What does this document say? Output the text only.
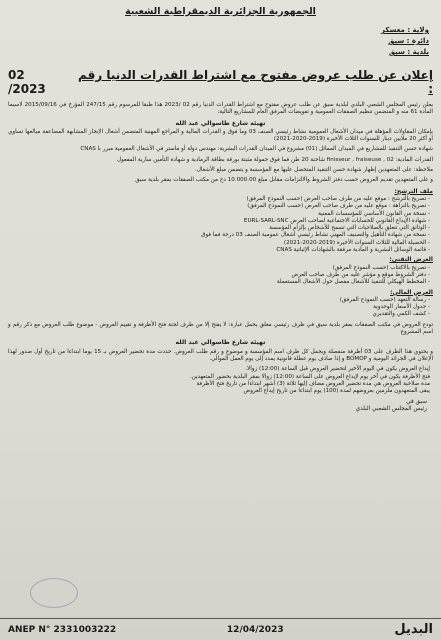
الجمهورية الجزائرية الديمقراطية الشعبية
ولاية : معسكر
دائرة : سيق
بلدية : سيق
إعلان عن طلب عروض مفتوح مع اشتراط القدرات الدنيا رقم :
02 /2023

يعلن رئيس المجلس الشعبي البلدي لبلدية سيق عن طلب عروض مفتوح مع اشتراط القدرات الدنيا رقم 02 /2023 هذا طبقا للمرسوم رقم 247/15 المؤرخ في 2015/09/16 لاسيما المادة 61 منه و المتضمن تنظيم الصفقات العمومية و تفويضات المرفق العام للمشاريع التالية:

تهيئة شارع طاسوالي عبد الله

بإمكان المقاولات المؤهلة في ميدان الأشغال العمومية نشاط رئيسي الصنف 03 وما فوق و القدرات المالية و المراجع المهنية المتضمن أشغال الإنجاز المشابهة المضاعفة مبالغها تساوي أو أكثر 20 ملايين دينار للسنوات الثلاث الأخيرة (2019-2020-2021)

شهادة حسن التنفيذ للمشاريع في الميدان المماثل (01) مشروع في الميدان القدرات البشرية: مهندس دولة أو ماستر في الأشغال العمومية مبرر با CNAS

القدرات المادية: finisseur , fraiseuse , 02 شاحنة 20 طن فما فوق حمولة مثبتة بورقة بطاقة الرمادية و شهادة التأمين سارية المفعول

ملاحظة: على المتعهدين إظهار شهادة حسن التنفيذ المتحصل عليها مع المؤسسة و يتضمن مبلغ الأشغال.

و على المتعهدين تقديم العروض حسب دفتر الشروط والالتزامات مقابل مبلغ 10.000.00 دج من مكتب الصفقات بمقر بلدية سيق

ملف الترشح:
- تصريح بالترشح : موقع عليه من طرف صاحب العرض (حسب النموذج المرفق)
- تصريح بالنزاهة : موقع عليه من طرف صاحب العرض (حسب النموذج المرفق)
- نسخة من القانون الأساسي للمؤسسات المعنية
- شهادة الإيداع القانوني للحسابات الاجتماعية لصاحب العرض EURL-SARL-SNC
- الوثائق التي تتعلق بالصلاحيات التي تسمح للأشخاص بإلزام المؤسسة
- نسخة من شهادة التأهيل والتصنيف المهني نشاط رئيسي أشغال عمومية الصنف 03 درجة فما فوق
- الحصيلة المالية للثلاث السنوات الأخيرة (2019-2020-2021)
- قائمة الوسائل البشرية و المادية مرفقة بالشهادات الإثباتية CNAS
العرض التقني:
- تصريح بالاكتتاب (حسب النموذج المرفق)
- دفتر الشروط موقع و مؤشر عليه من طرف صاحب العرض
- المخطط الهيكلي للتنفيذ للأشغال مفصل حول الأشغال المستعملة
العرض المالي:
- رسالة التعهد (حسب النموذج المرفق)
- جدول الأسعار الوحدوية
- كشف الكمي والتقديري

تودع العروض في مكتب الصفقات بمقر بلدية سيق في ظرف رئيسي مغلق يحمل عبارة: لا يفتح إلا من طرف لجنة فتح الأظرفة و تقييم العروض - موضوع طلب العروض مع ذكر رقم و اسم المشروع

تهيئة شارع طاسوالي عبد الله

و يحتوي هذا الظرف على 03 أظرفة منفصلة ويحمل كل ظرف اسم المؤسسة و موضوع و رقم طلب العروض. حددت مدة تحضير العروض بـ 15 يوما ابتداءا من تاريخ أول صدور لهذا الإعلان في الجرائد اليومية و BOMOP و إذا صادف يوم عطلة قانونية يمدد إلى يوم العمل الموالي.

إيداع العروض يكون في اليوم الأخير لتحضير العروض قبل الساعة (12:00) زوالا.
فتح الأظرفة يكون في آخر يوم لإيداع العروض على الساعة (12:00) زوالا بمقر البلدية بحضور المتعهدين.
مدة صلاحية العروض هي مدة تحضير العروض مضاف إليها ثلاثة (3) أشهر ابتداءا من تاريخ فتح الأظرفة
يبقى المتعهدون ملزمين بعروضهم لمدة (100) يوم ابتداءا من تاريخ إيداع العروض
سيق في
رئيس المجلس الشعبي البلدي
ANEP N° 2331003222	12/04/2023	البديل
